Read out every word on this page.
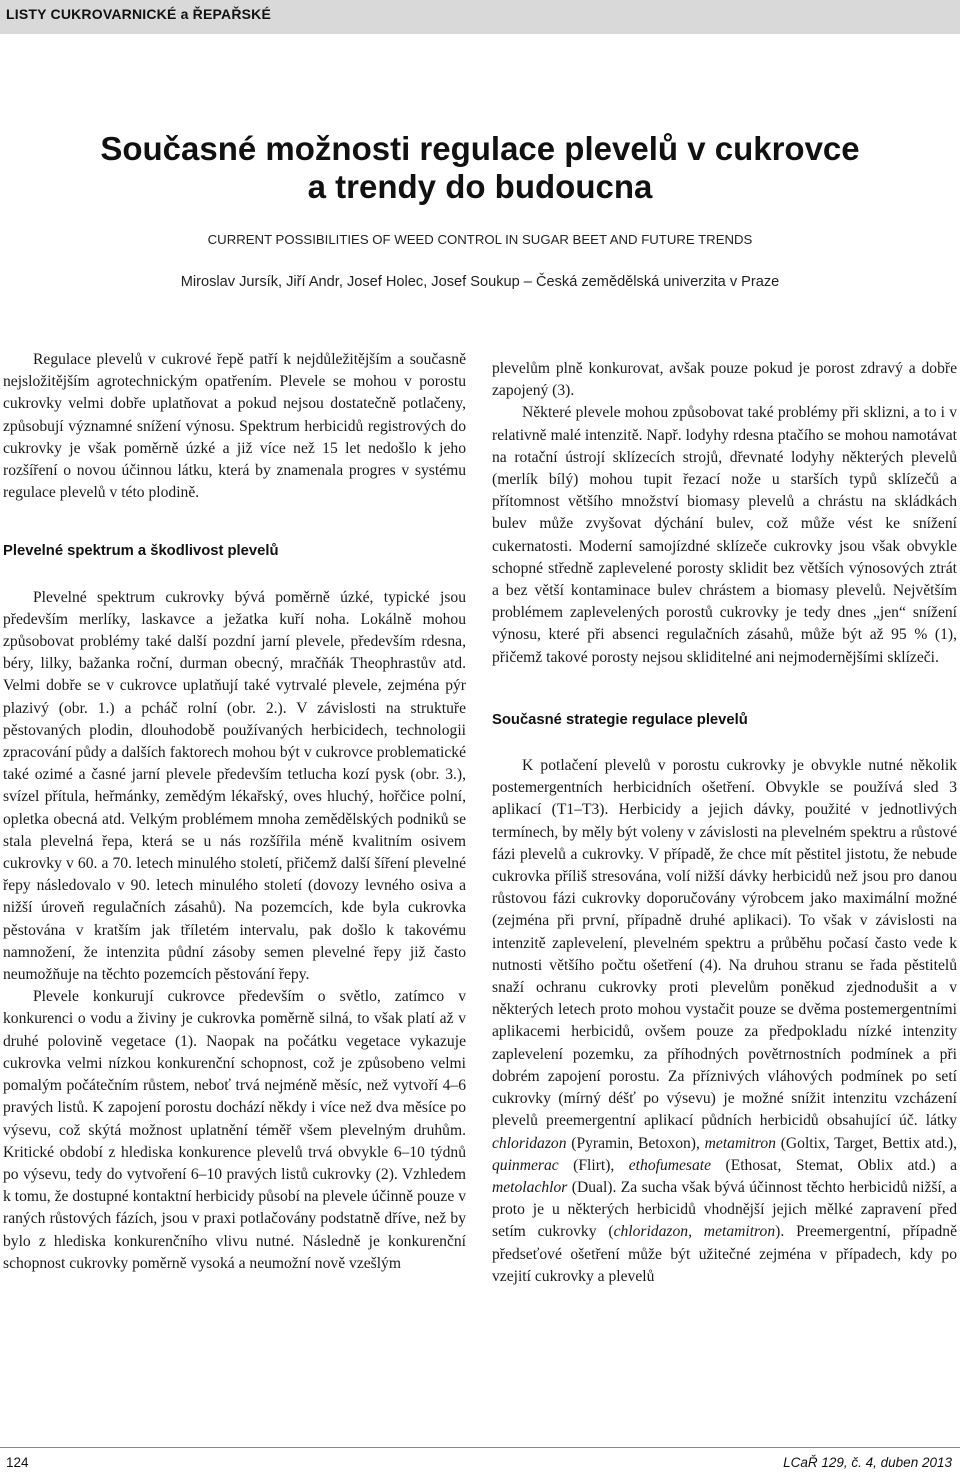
LISTY CUKROVARNICKÉ a ŘEPAŘSKÉ
Současné možnosti regulace plevelů v cukrovce
a trendy do budoucna
CURRENT POSSIBILITIES OF WEED CONTROL IN SUGAR BEET AND FUTURE TRENDS
Miroslav Jursík, Jiří Andr, Josef Holec, Josef Soukup – Česká zemědělská univerzita v Praze

Regulace plevelů v cukrové řepě patří k nejdůležitějším a současně nejsložitějším agrotechnickým opatřením. Plevele se mohou v porostu cukrovky velmi dobře uplatňovat a pokud nejsou dostatečně potlačeny, způsobují významné snížení výnosu. Spektrum herbicidů registrových do cukrovky je však poměrně úzké a již více než 15 let nedošlo k jeho rozšíření o novou účinnou látku, která by znamenala progres v systému regulace plevelů v této plodině.

Plevelné spektrum a škodlivost plevelů

Plevelné spektrum cukrovky bývá poměrně úzké, typické jsou především merlíky, laskavce a ježatka kuří noha. Lokálně mohou způsobovat problémy také další pozdní jarní plevele, především rdesna, béry, lilky, bažanka roční, durman obecný, mračňák Theophrastův atd. Velmi dobře se v cukrovce uplatňují také vytrvalé plevele, zejména pýr plazivý (obr. 1.) a pcháč rolní (obr. 2.). V závislosti na struktuře pěstovaných plodin, dlouhodobě používaných herbicidech, technologii zpracování půdy a dalších faktorech mohou být v cukrovce problematické také ozimé a časné jarní plevele především tetlucha kozí pysk (obr. 3.), svízel přítula, heřmánky, zemědým lékařský, oves hluchý, hořčice polní, opletka obecná atd. Velkým problémem mnoha zemědělských podniků se stala plevelná řepa, která se u nás rozšířila méně kvalitním osivem cukrovky v 60. a 70. letech minulého století, přičemž další šíření plevelné řepy následovalo v 90. letech minulého století (dovozy levného osiva a nižší úroveň regulačních zásahů). Na pozemcích, kde byla cukrovka pěstována v kratším jak tříletém intervalu, pak došlo k takovému namnožení, že intenzita půdní zásoby semen plevelné řepy již často neumožňuje na těchto pozemcích pěstování řepy.

Plevele konkurují cukrovce především o světlo, zatímco v konkurenci o vodu a živiny je cukrovka poměrně silná, to však platí až v druhé polovině vegetace (1). Naopak na počátku vegetace vykazuje cukrovka velmi nízkou konkurenční schopnost, což je způsobeno velmi pomalým počátečním růstem, neboť trvá nejméně měsíc, než vytvoří 4–6 pravých listů. K zapojení porostu dochází někdy i více než dva měsíce po výsevu, což skýtá možnost uplatnění téměř všem plevelným druhům. Kritické období z hlediska konkurence plevelů trvá obvykle 6–10 týdnů po výsevu, tedy do vytvoření 6–10 pravých listů cukrovky (2). Vzhledem k tomu, že dostupné kontaktní herbicidy působí na plevele účinně pouze v raných růstových fázích, jsou v praxi potlačovány podstatně dříve, než by bylo z hlediska konkurenčního vlivu nutné. Následně je konkurenční schopnost cukrovky poměrně vysoká a neumožní nově vzešlým

plevelům plně konkurovat, avšak pouze pokud je porost zdravý a dobře zapojený (3).

Některé plevele mohou způsobovat také problémy při sklizni, a to i v relativně malé intenzitě. Např. lodyhy rdesna ptačího se mohou namotávat na rotační ústrojí sklízecích strojů, dřevnaté lodyhy některých plevelů (merlík bílý) mohou tupit řezací nože u starších typů sklízečů a přítomnost většího množství biomasy plevelů a chrástu na skládkách bulev může zvyšovat dýchání bulev, což může vést ke snížení cukernatosti. Moderní samojízdné sklízeče cukrovky jsou však obvykle schopné středně zaplevelené porosty sklidit bez větších výnosových ztrát a bez větší kontaminace bulev chrástem a biomasy plevelů. Největším problémem zaplevelených porostů cukrovky je tedy dnes „jen“ snížení výnosu, které při absenci regulačních zásahů, může být až 95 % (1), přičemž takové porosty nejsou skliditelné ani nejmodernějšími sklízeči.

Současné strategie regulace plevelů

K potlačení plevelů v porostu cukrovky je obvykle nutné několik postemergentních herbicidních ošetření. Obvykle se používá sled 3 aplikací (T1–T3). Herbicidy a jejich dávky, použité v jednotlivých termínech, by měly být voleny v závislosti na plevelném spektru a růstové fázi plevelů a cukrovky. V případě, že chce mít pěstitel jistotu, že nebude cukrovka příliš stresována, volí nižší dávky herbicidů než jsou pro danou růstovou fázi cukrovky doporučovány výrobcem jako maximální možné (zejména při první, případně druhé aplikaci). To však v závislosti na intenzitě zaplevelení, plevelném spektru a průběhu počasí často vede k nutnosti většího počtu ošetření (4). Na druhou stranu se řada pěstitelů snaží ochranu cukrovky proti plevelům poněkud zjednodušit a v některých letech proto mohou vystačit pouze se dvěma postemergentními aplikacemi herbicidů, ovšem pouze za předpokladu nízké intenzity zaplevelení pozemku, za příhodných povětrnostních podmínek a při dobrém zapojení porostu. Za příznivých vláhových podmínek po setí cukrovky (mírný déšť po výsevu) je možné snížit intenzitu vzcházení plevelů preemergentní aplikací půdních herbicidů obsahující úč. látky chloridazon (Pyramin, Betoxon), metamitron (Goltix, Target, Bettix atd.), quinmerac (Flirt), ethofumesate (Ethosat, Stemat, Oblix atd.) a metolachlor (Dual). Za sucha však bývá účinnost těchto herbicidů nižší, a proto je u některých herbicidů vhodnější jejich mělké zapravení před setím cukrovky (chloridazon, metamitron). Preemergentní, případně předseťové ošetření může být užitečné zejména v případech, kdy po vzejití cukrovky a plevelů

124	LCaŘ 129, č. 4, duben 2013
